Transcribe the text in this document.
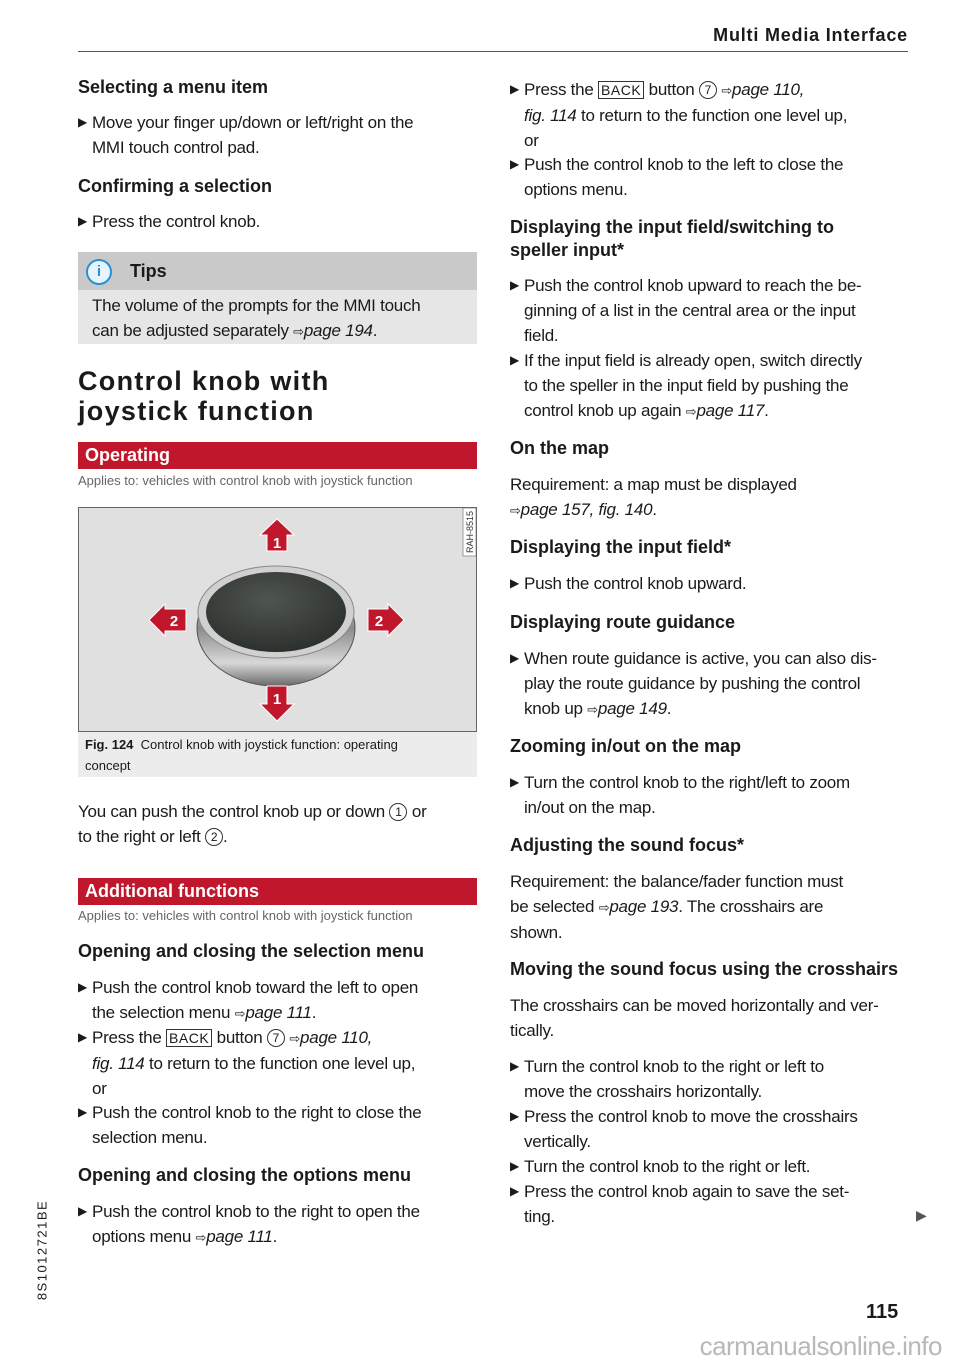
Multi Media Interface
Selecting a menu item
▶ Move your finger up/down or left/right on the
MMI touch control pad.
Confirming a selection
▶ Press the control knob.
i	Tips
The volume of the prompts for the MMI touch
can be adjusted separately ⇨page 194.
Control knob with
joystick function
Operating
Applies to: vehicles with control knob with joystick function
1
1
2	2
RAH-8515
Fig. 124 Control knob with joystick function: operating
concept
You can push the control knob up or down 1 or
to the right or left 2 .
Additional functions
Applies to: vehicles with control knob with joystick function
Opening and closing the selection menu
▶ Push the control knob toward the left to open
the selection menu ⇨page 111.
▶ Press the BACK button 7 ⇨page 110,
fig. 114 to return to the function one level up,
or
▶ Push the control knob to the right to close the
selection menu.
Opening and closing the options menu
▶ Push the control knob to the right to open the
options menu ⇨page 111.
▶ Press the BACK button 7 ⇨page 110,
fig. 114 to return to the function one level up,
or
▶ Push the control knob to the left to close the
options menu.
Displaying the input field/switching to
speller input*
▶ Push the control knob upward to reach the be-
ginning of a list in the central area or the input
field.
▶ If the input field is already open, switch directly
to the speller in the input field by pushing the
control knob up again ⇨page 117.
On the map
Requirement: a map must be displayed
⇨page 157, fig. 140.
Displaying the input field*
▶ Push the control knob upward.
Displaying route guidance
▶ When route guidance is active, you can also dis-
play the route guidance by pushing the control
knob up ⇨page 149.
Zooming in/out on the map
▶ Turn the control knob to the right/left to zoom
in/out on the map.
Adjusting the sound focus*
Requirement: the balance/fader function must
be selected ⇨page 193. The crosshairs are
shown.
Moving the sound focus using the crosshairs
The crosshairs can be moved horizontally and ver-
tically.
▶ Turn the control knob to the right or left to
move the crosshairs horizontally.
▶ Press the control knob to move the crosshairs
vertically.
▶ Turn the control knob to the right or left.
▶ Press the control knob again to save the set-
ting.	▶
8S1012721BE
115
carmanualsonline.info
